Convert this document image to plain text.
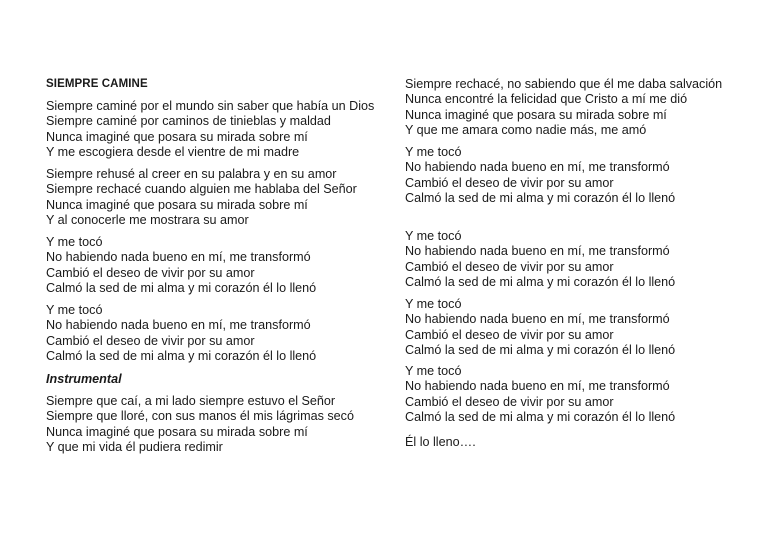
SIEMPRE CAMINE
Siempre caminé por el mundo sin saber que había un Dios
Siempre caminé por caminos de tinieblas y maldad
Nunca imaginé que posara su mirada sobre mí
Y me escogiera desde el vientre de mi madre
Siempre rehusé al creer en su palabra y en su amor
Siempre rechacé cuando alguien me hablaba del Señor
Nunca imaginé que posara su mirada sobre mí
Y al conocerle me mostrara su amor
Y me tocó
No habiendo nada bueno en mí, me transformó
Cambió el deseo de vivir por su amor
Calmó la sed de mi alma y mi corazón él lo llenó
Y me tocó
No habiendo nada bueno en mí, me transformó
Cambió el deseo de vivir por su amor
Calmó la sed de mi alma y mi corazón él lo llenó
Instrumental
Siempre que caí, a mi lado siempre estuvo el Señor
Siempre que lloré, con sus manos él mis lágrimas secó
Nunca imaginé que posara su mirada sobre mí
Y que mi vida él pudiera redimir
Siempre rechacé, no sabiendo que él me daba salvación
Nunca encontré la felicidad que Cristo a mí me dió
Nunca imaginé que posara su mirada sobre mí
Y que me amara como nadie más, me amó
Y me tocó
No habiendo nada bueno en mí, me transformó
Cambió el deseo de vivir por su amor
Calmó la sed de mi alma y mi corazón él lo llenó
Y me tocó
No habiendo nada bueno en mí, me transformó
Cambió el deseo de vivir por su amor
Calmó la sed de mi alma y mi corazón él lo llenó
Y me tocó
No habiendo nada bueno en mí, me transformó
Cambió el deseo de vivir por su amor
Calmó la sed de mi alma y mi corazón él lo llenó
Y me tocó
No habiendo nada bueno en mí, me transformó
Cambió el deseo de vivir por su amor
Calmó la sed de mi alma y mi corazón él lo llenó
Él lo lleno….
